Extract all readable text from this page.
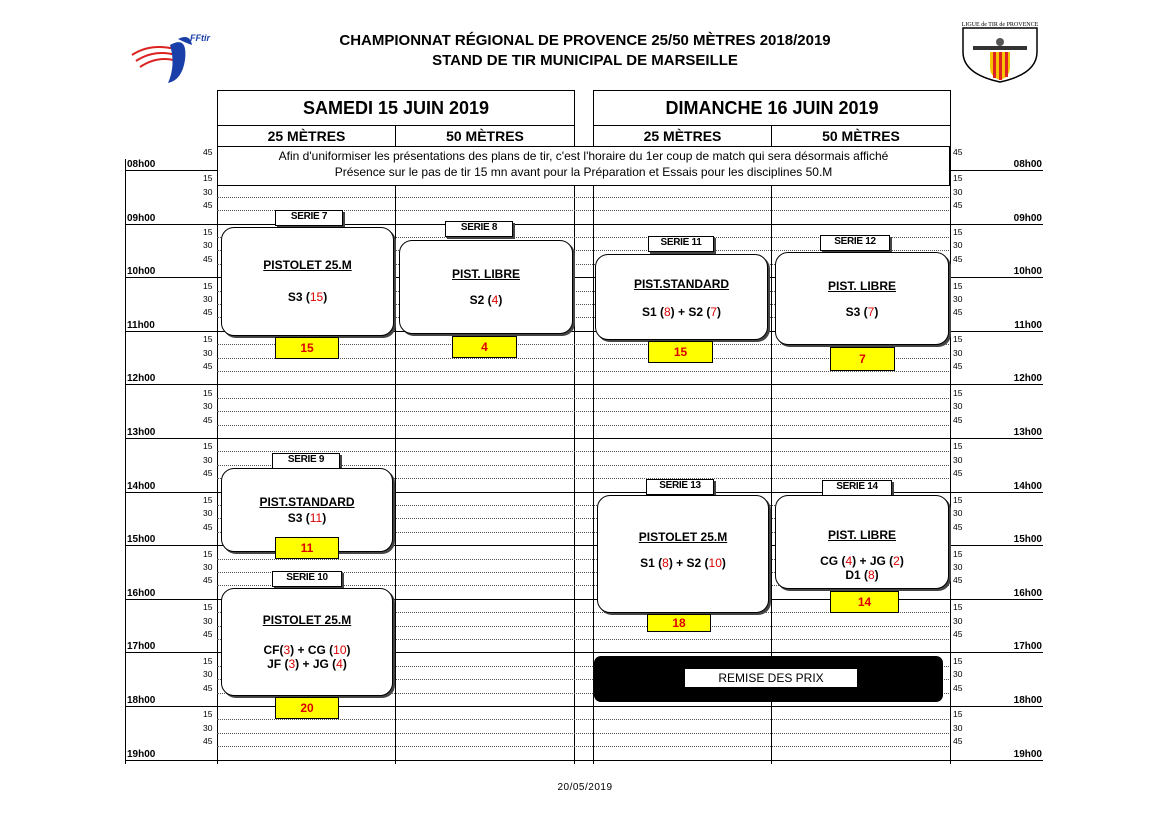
FFtir
LIGUE de TIR de PROVENCE
CHAMPIONNAT RÉGIONAL DE PROVENCE 25/50 MÈTRES 2018/2019
STAND DE TIR MUNICIPAL DE MARSEILLE
SAMEDI 15 JUIN 2019	DIMANCHE 16 JUIN 2019
25 MÈTRES	50 MÈTRES	25 MÈTRES	50 MÈTRES
08h00	08h00
09h00	09h00
10h00	10h00
11h00	11h00
12h00	12h00
13h00	13h00
14h00	14h00
15h00	15h00
16h00	16h00
17h00	17h00
18h00	18h00
19h00	19h00
45	45
15	15
30	30
45	45
15	15
30	30
45	45
15	15
30	30
45	45
15	15
30	30
45	45
15	15
30	30
45	45
15	15
30	30
45	45
15	15
30	30
45	45
15	15
30	30
45	45
15	15
30	30
45	45
15	15
30	30
45	45
15	15
30	30
45	45
Afin d'uniformiser les présentations des plans de tir, c'est l'horaire du 1er coup de match qui sera désormais affiché
Présence sur le pas de tir 15 mn avant pour la Préparation et Essais pour les disciplines 50.M
SERIE 7
PISTOLET 25.M
S3 (15)
15
SERIE 8
PIST. LIBRE
S2 (4)
4
SERIE 11
PIST.STANDARD
S1 (8) + S2 (7)
15
SERIE 12
PIST. LIBRE
S3 (7)
7
SERIE 9
PIST.STANDARD
S3 (11)
11
SERIE 13
PISTOLET 25.M
S1 (8) + S2 (10)
18
SERIE 14
PIST. LIBRE
CG (4) + JG (2)
D1 (8)
14
SERIE 10
PISTOLET 25.M
CF(3) + CG (10)
JF (3) + JG (4)
20
REMISE DES PRIX
20/05/2019
